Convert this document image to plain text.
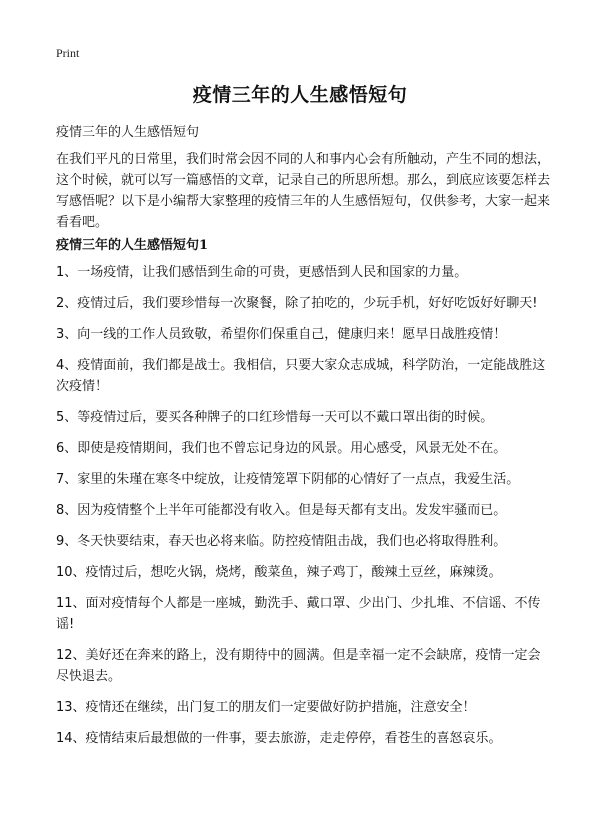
Print
疫情三年的人生感悟短句

疫情三年的人生感悟短句

在我们平凡的日常里，我们时常会因不同的人和事内心会有所触动，产生不同的想法，这个时候，就可以写一篇感悟的文章，记录自己的所思所想。那么，到底应该要怎样去写感悟呢？以下是小编帮大家整理的疫情三年的人生感悟短句，仅供参考，大家一起来看看吧。

疫情三年的人生感悟短句1
1、一场疫情，让我们感悟到生命的可贵，更感悟到人民和国家的力量。
2、疫情过后，我们要珍惜每一次聚餐，除了拍吃的，少玩手机，好好吃饭好好聊天!
3、向一线的工作人员致敬，希望你们保重自己，健康归来！愿早日战胜疫情！
4、疫情面前，我们都是战士。我相信，只要大家众志成城，科学防治，一定能战胜这次疫情！
5、等疫情过后，要买各种牌子的口红珍惜每一天可以不戴口罩出街的时候。
6、即使是疫情期间，我们也不曾忘记身边的风景。用心感受，风景无处不在。
7、家里的朱瑾在寒冬中绽放，让疫情笼罩下阴郁的心情好了一点点，我爱生活。
8、因为疫情整个上半年可能都没有收入。但是每天都有支出。发发牢骚而已。
9、冬天快要结束，春天也必将来临。防控疫情阻击战，我们也必将取得胜利。
10、疫情过后，想吃火锅，烧烤，酸菜鱼，辣子鸡丁，酸辣土豆丝，麻辣烫。
11、面对疫情每个人都是一座城，勤洗手、戴口罩、少出门、少扎堆、不信谣、不传谣!
12、美好还在奔来的路上，没有期待中的圆满。但是幸福一定不会缺席，疫情一定会尽快退去。
13、疫情还在继续，出门复工的朋友们一定要做好防护措施，注意安全！
14、疫情结束后最想做的一件事，要去旅游，走走停停，看苍生的喜怒哀乐。
